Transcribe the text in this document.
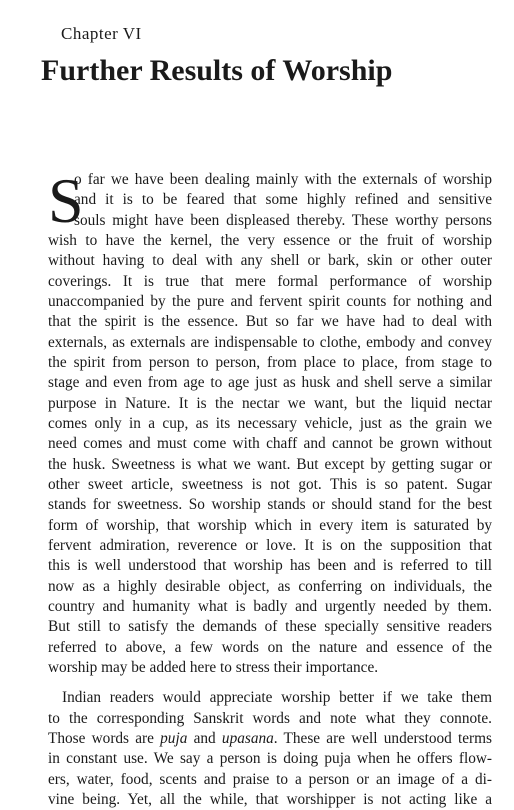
Chapter VI
Further Results of Worship
S
o far we have been dealing mainly with the externals of worship
and it is to be feared that some highly refined and sensitive
souls might have been displeased thereby. These worthy persons
wish to have the kernel, the very essence or the fruit of worship
without having to deal with any shell or bark, skin or other outer
coverings. It is true that mere formal performance of worship
unaccompanied by the pure and fervent spirit counts for nothing and
that the spirit is the essence. But so far we have had to deal with
externals, as externals are indispensable to clothe, embody and convey
the spirit from person to person, from place to place, from stage to
stage and even from age to age just as husk and shell serve a similar
purpose in Nature. It is the nectar we want, but the liquid nectar
comes only in a cup, as its necessary vehicle, just as the grain we
need comes and must come with chaff and cannot be grown without
the husk. Sweetness is what we want. But except by getting sugar or
other sweet article, sweetness is not got. This is so patent. Sugar
stands for sweetness. So worship stands or should stand for the best
form of worship, that worship which in every item is saturated by
fervent admiration, reverence or love. It is on the supposition that
this is well understood that worship has been and is referred to till
now as a highly desirable object, as conferring on individuals, the
country and humanity what is badly and urgently needed by them.
But still to satisfy the demands of these specially sensitive readers
referred to above, a few words on the nature and essence of the
worship may be added here to stress their importance.
Indian readers would appreciate worship better if we take them
to the corresponding Sanskrit words and note what they connote.
Those words are puja and upasana. These are well understood terms
in constant use. We say a person is doing puja when he offers flow-
ers, water, food, scents and praise to a person or an image of a di-
vine being. Yet, all the while, that worshipper is not acting like a
